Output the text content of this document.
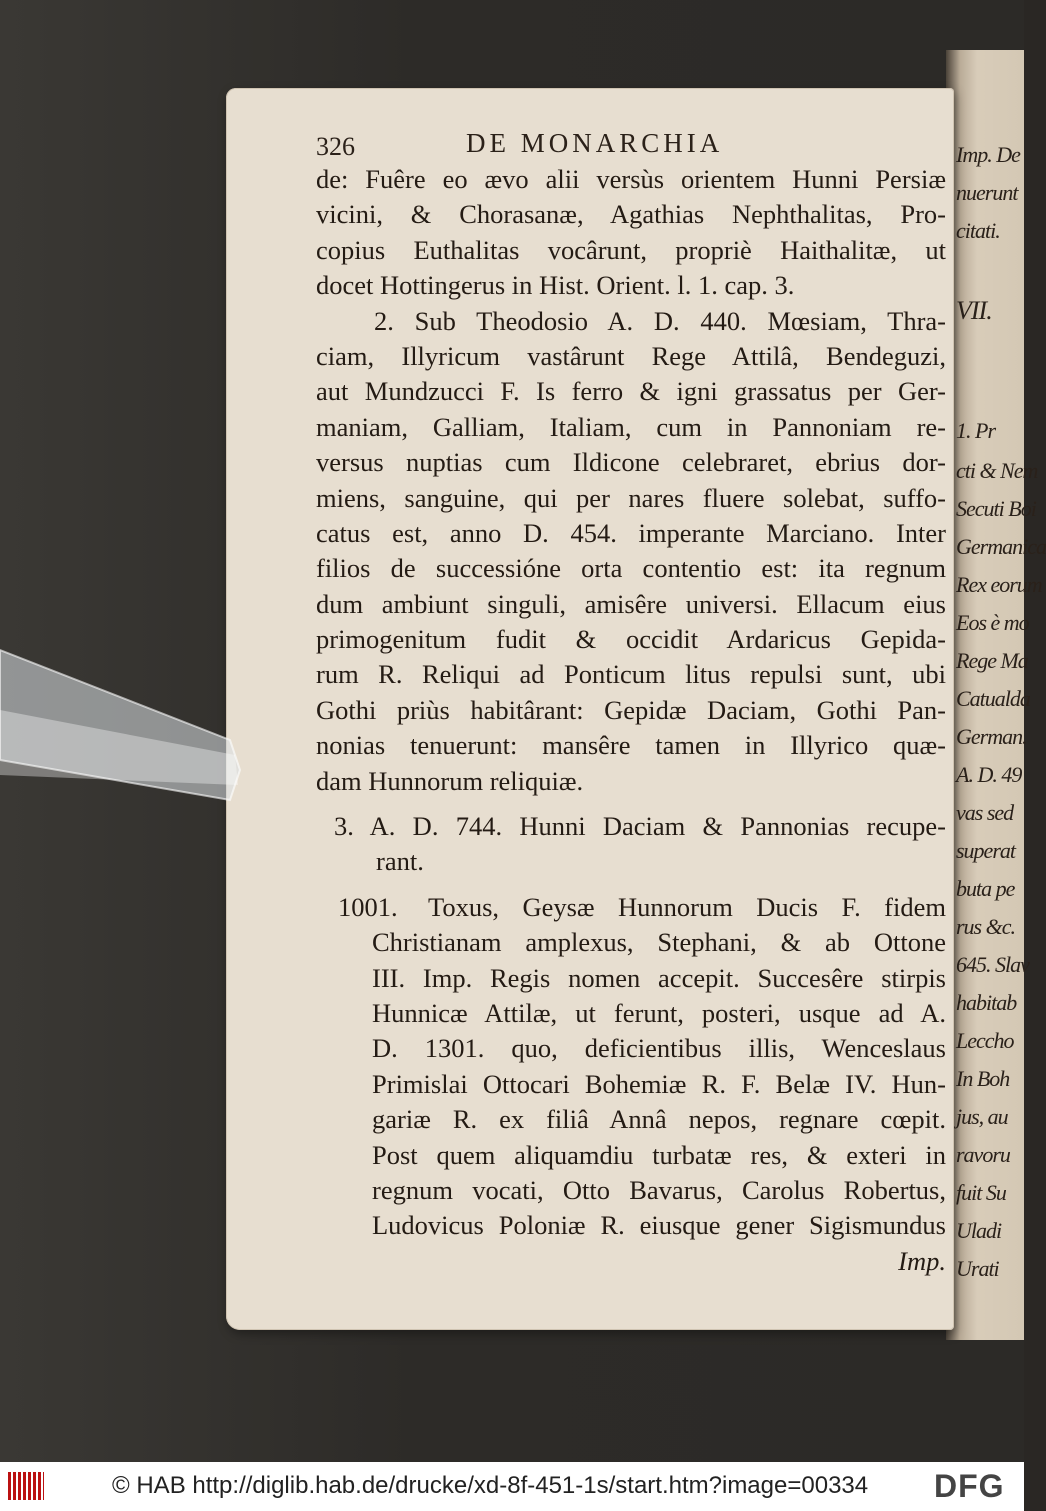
Imp. De
nuerunt
citati.
VII.
1. Pr
cti & Nem
Secuti Boi
Germanica
Rex eorum
Eos è mo
Rege Ma
Catualda
German.
A. D. 49
vas sed
superat
buta pe
rus &c.
645. Slav
habitab
Leccho
In Boh
jus, au
ravoru
fuit Su
Uladi
Urati
326	DE MONARCHIA
de: Fuêre eo ævo alii versùs orientem Hunni Persiæ
vicini, & Chorasanæ, Agathias Nephthalitas, Pro-
copius Euthalitas vocârunt, propriè Haithalitæ, ut
docet Hottingerus in Hist. Orient. l. 1. cap. 3.
2. Sub Theodosio A. D. 440. Mœsiam, Thra-
ciam, Illyricum vastârunt Rege Attilâ, Bendeguzi,
aut Mundzucci F. Is ferro & igni grassatus per Ger-
maniam, Galliam, Italiam, cum in Pannoniam re-
versus nuptias cum Ildicone celebraret, ebrius dor-
miens, sanguine, qui per nares fluere solebat, suffo-
catus est, anno D. 454. imperante Marciano. Inter
filios de successióne orta contentio est: ita regnum
dum ambiunt singuli, amisêre universi. Ellacum eius
primogenitum fudit & occidit Ardaricus Gepida-
rum R. Reliqui ad Ponticum litus repulsi sunt, ubi
Gothi priùs habitârant: Gepidæ Daciam, Gothi Pan-
nonias tenuerunt: mansêre tamen in Illyrico quæ-
dam Hunnorum reliquiæ.
3. A. D. 744. Hunni Daciam & Pannonias recupe-
rant.
1001.	Toxus, Geysæ Hunnorum Ducis F. fidem
Christianam amplexus, Stephani, & ab Ottone
III. Imp. Regis nomen accepit. Succesêre stirpis
Hunnicæ Attilæ, ut ferunt, posteri, usque ad A.
D. 1301. quo, deficientibus illis, Wenceslaus
Primislai Ottocari Bohemiæ R. F. Belæ IV. Hun-
gariæ R. ex filiâ Annâ nepos, regnare cœpit.
Post quem aliquamdiu turbatæ res, & exteri in
regnum vocati, Otto Bavarus, Carolus Robertus,
Ludovicus Poloniæ R. eiusque gener Sigismundus
Imp.
© HAB http://diglib.hab.de/drucke/xd-8f-451-1s/start.htm?image=00334 DFG
